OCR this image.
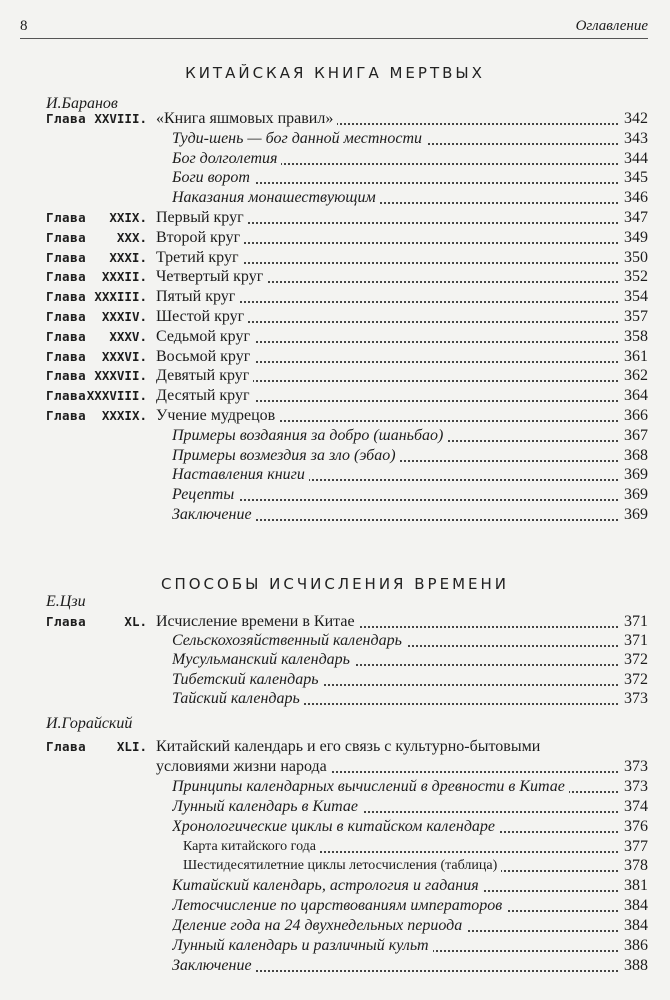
8	Оглавление
КИТАЙСКАЯ КНИГА МЕРТВЫХ
И.Баранов
СПОСОБЫ ИСЧИСЛЕНИЯ ВРЕМЕНИ
Е.Цзи
И.Горайский
Глава XXVIII. «Книга яшмовых правил»	342
Туди-шень — бог данной местности	343
Бог долголетия	344
Боги ворот	345
Наказания монашествующим	346
Глава XXIX. Первый круг	347
Глава XXX. Второй круг	349
Глава XXXI. Третий круг	350
Глава XXXII. Четвертый круг	352
Глава XXXIII. Пятый круг	354
Глава XXXIV. Шестой круг	357
Глава XXXV. Седьмой круг	358
Глава XXXVI. Восьмой круг	361
Глава XXXVII. Девятый круг	362
Глава XXXVIII. Десятый круг	364
Глава XXXIX. Учение мудрецов	366
Примеры воздаяния за добро (шаньбао)	367
Примеры возмездия за зло (эбао)	368
Наставления книги	369
Рецепты	369
Заключение	369
Глава	XL. Исчисление времени в Китае	371
Сельскохозяйственный календарь	371
Мусульманский календарь	372
Тибетский календарь	372
Тайский календарь	373
Глава XLI. Китайский календарь и его связь с культурно-бытовыми
условиями жизни народа	373
Принципы календарных вычислений в древности в Китае	373
Лунный календарь в Китае	374
Хронологические циклы в китайском календаре	376
Карта китайского года	377
Шестидесятилетние циклы летосчисления (таблица)	378
Китайский календарь, астрология и гадания	381
Летосчисление по царствованиям императоров	384
Деление года на 24 двухнедельных периода	384
Лунный календарь и различный культ	386
Заключение	388
